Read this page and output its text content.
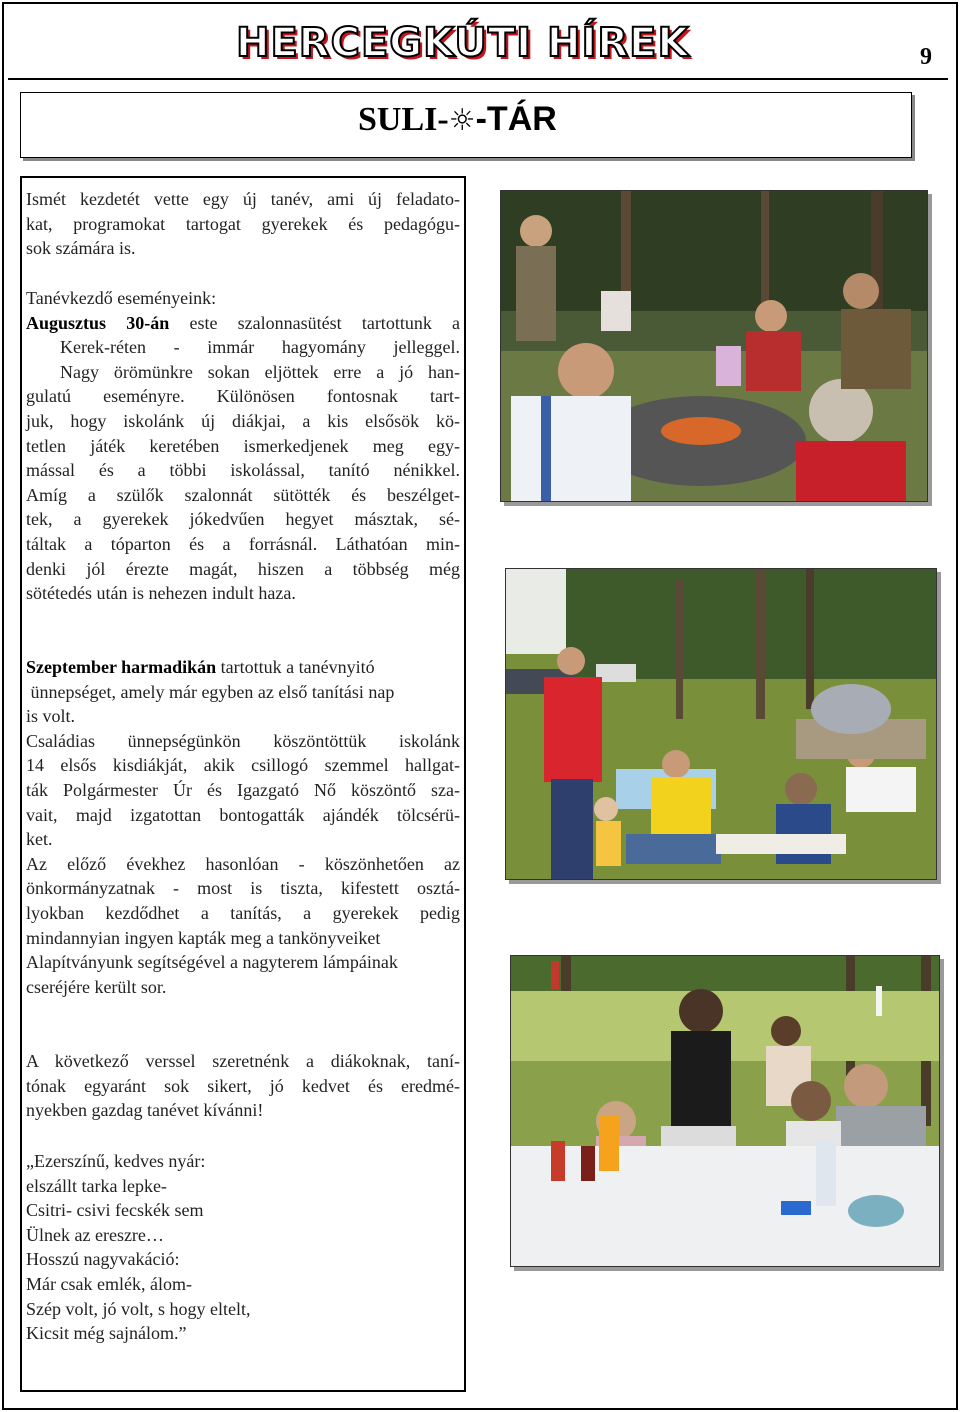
HERCEGKÚTI HÍREK	9
SULI-☼-TÁR

Ismét kezdetét vette egy új tanév, ami új feladato-

kat, programokat tartogat gyerekek és pedagógu-

sok számára is.

Tanévkezdő eseményeink:

Augusztus 30-án este szalonnasütést tartottunk a

Kerek-réten - immár hagyomány jelleggel.

Nagy örömünkre sokan eljöttek erre a jó han-

gulatú eseményre. Különösen fontosnak tart-

juk, hogy iskolánk új diákjai, a kis elsősök kö-

tetlen játék keretében ismerkedjenek meg egy-

mással és a többi iskolással, tanító nénikkel.

Amíg a szülők szalonnát sütötték és beszélget-

tek, a gyerekek jókedvűen hegyet másztak, sé-

táltak a tóparton és a forrásnál. Láthatóan min-

denki jól érezte magát, hiszen a többség még

sötétedés után is nehezen indult haza.

Szeptember harmadikán tartottuk a tanévnyitó

ünnepséget, amely már egyben az első tanítási nap

is volt.

Családias ünnepségünkön köszöntöttük iskolánk

14 elsős kisdiákját, akik csillogó szemmel hallgat-

ták Polgármester Úr és Igazgató Nő köszöntő sza-

vait, majd izgatottan bontogatták ajándék tölcsérü-

ket.

Az előző évekhez hasonlóan - köszönhetően az

önkormányzatnak - most is tiszta, kifestett osztá-

lyokban kezdődhet a tanítás, a gyerekek pedig

mindannyian ingyen kapták meg a tankönyveiket

Alapítványunk segítségével a nagyterem lámpáinak

cseréjére került sor.

A következő verssel szeretnénk a diákoknak, taní-

tónak egyaránt sok sikert, jó kedvet és eredmé-

nyekben gazdag tanévet kívánni!

„Ezerszínű, kedves nyár:

elszállt tarka lepke-

Csitri- csivi fecskék sem

Ülnek az ereszre…

Hosszú nagyvakáció:

Már csak emlék, álom-

Szép volt, jó volt, s hogy eltelt,

Kicsit még sajnálom.”
